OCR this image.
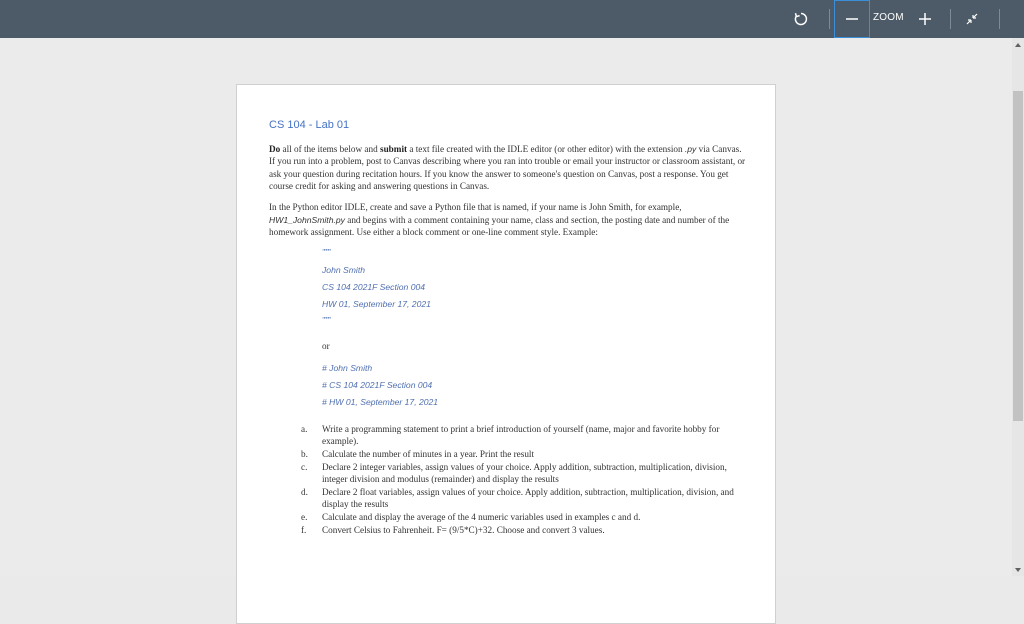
ZOOM
CS 104 - Lab 01

Do all of the items below and submit a text file created with the IDLE editor (or other editor) with the extension .py via Canvas. If you run into a problem, post to Canvas describing where you ran into trouble or email your instructor or classroom assistant, or ask your question during recitation hours. If you know the answer to someone's question on Canvas, post a response. You get course credit for asking and answering questions in Canvas.

In the Python editor IDLE, create and save a Python file that is named, if your name is John Smith, for example, HW1_JohnSmith.py and begins with a comment containing your name, class and section, the posting date and number of the homework assignment. Use either a block comment or one-line comment style. Example:

""""
John Smith
CS 104 2021F Section 004
HW 01, September 17, 2021
""""
or
# John Smith
# CS 104 2021F Section 004
# HW 01, September 17, 2021
a.	Write a programming statement to print a brief introduction of yourself (name, major and favorite hobby for example).
b.	Calculate the number of minutes in a year. Print the result
c.	Declare 2 integer variables, assign values of your choice. Apply addition, subtraction, multiplication, division, integer division and modulus (remainder) and display the results
d.	Declare 2 float variables, assign values of your choice. Apply addition, subtraction, multiplication, division, and display the results
e.	Calculate and display the average of the 4 numeric variables used in examples c and d.
f.	Convert Celsius to Fahrenheit. F= (9/5*C)+32. Choose and convert 3 values.
